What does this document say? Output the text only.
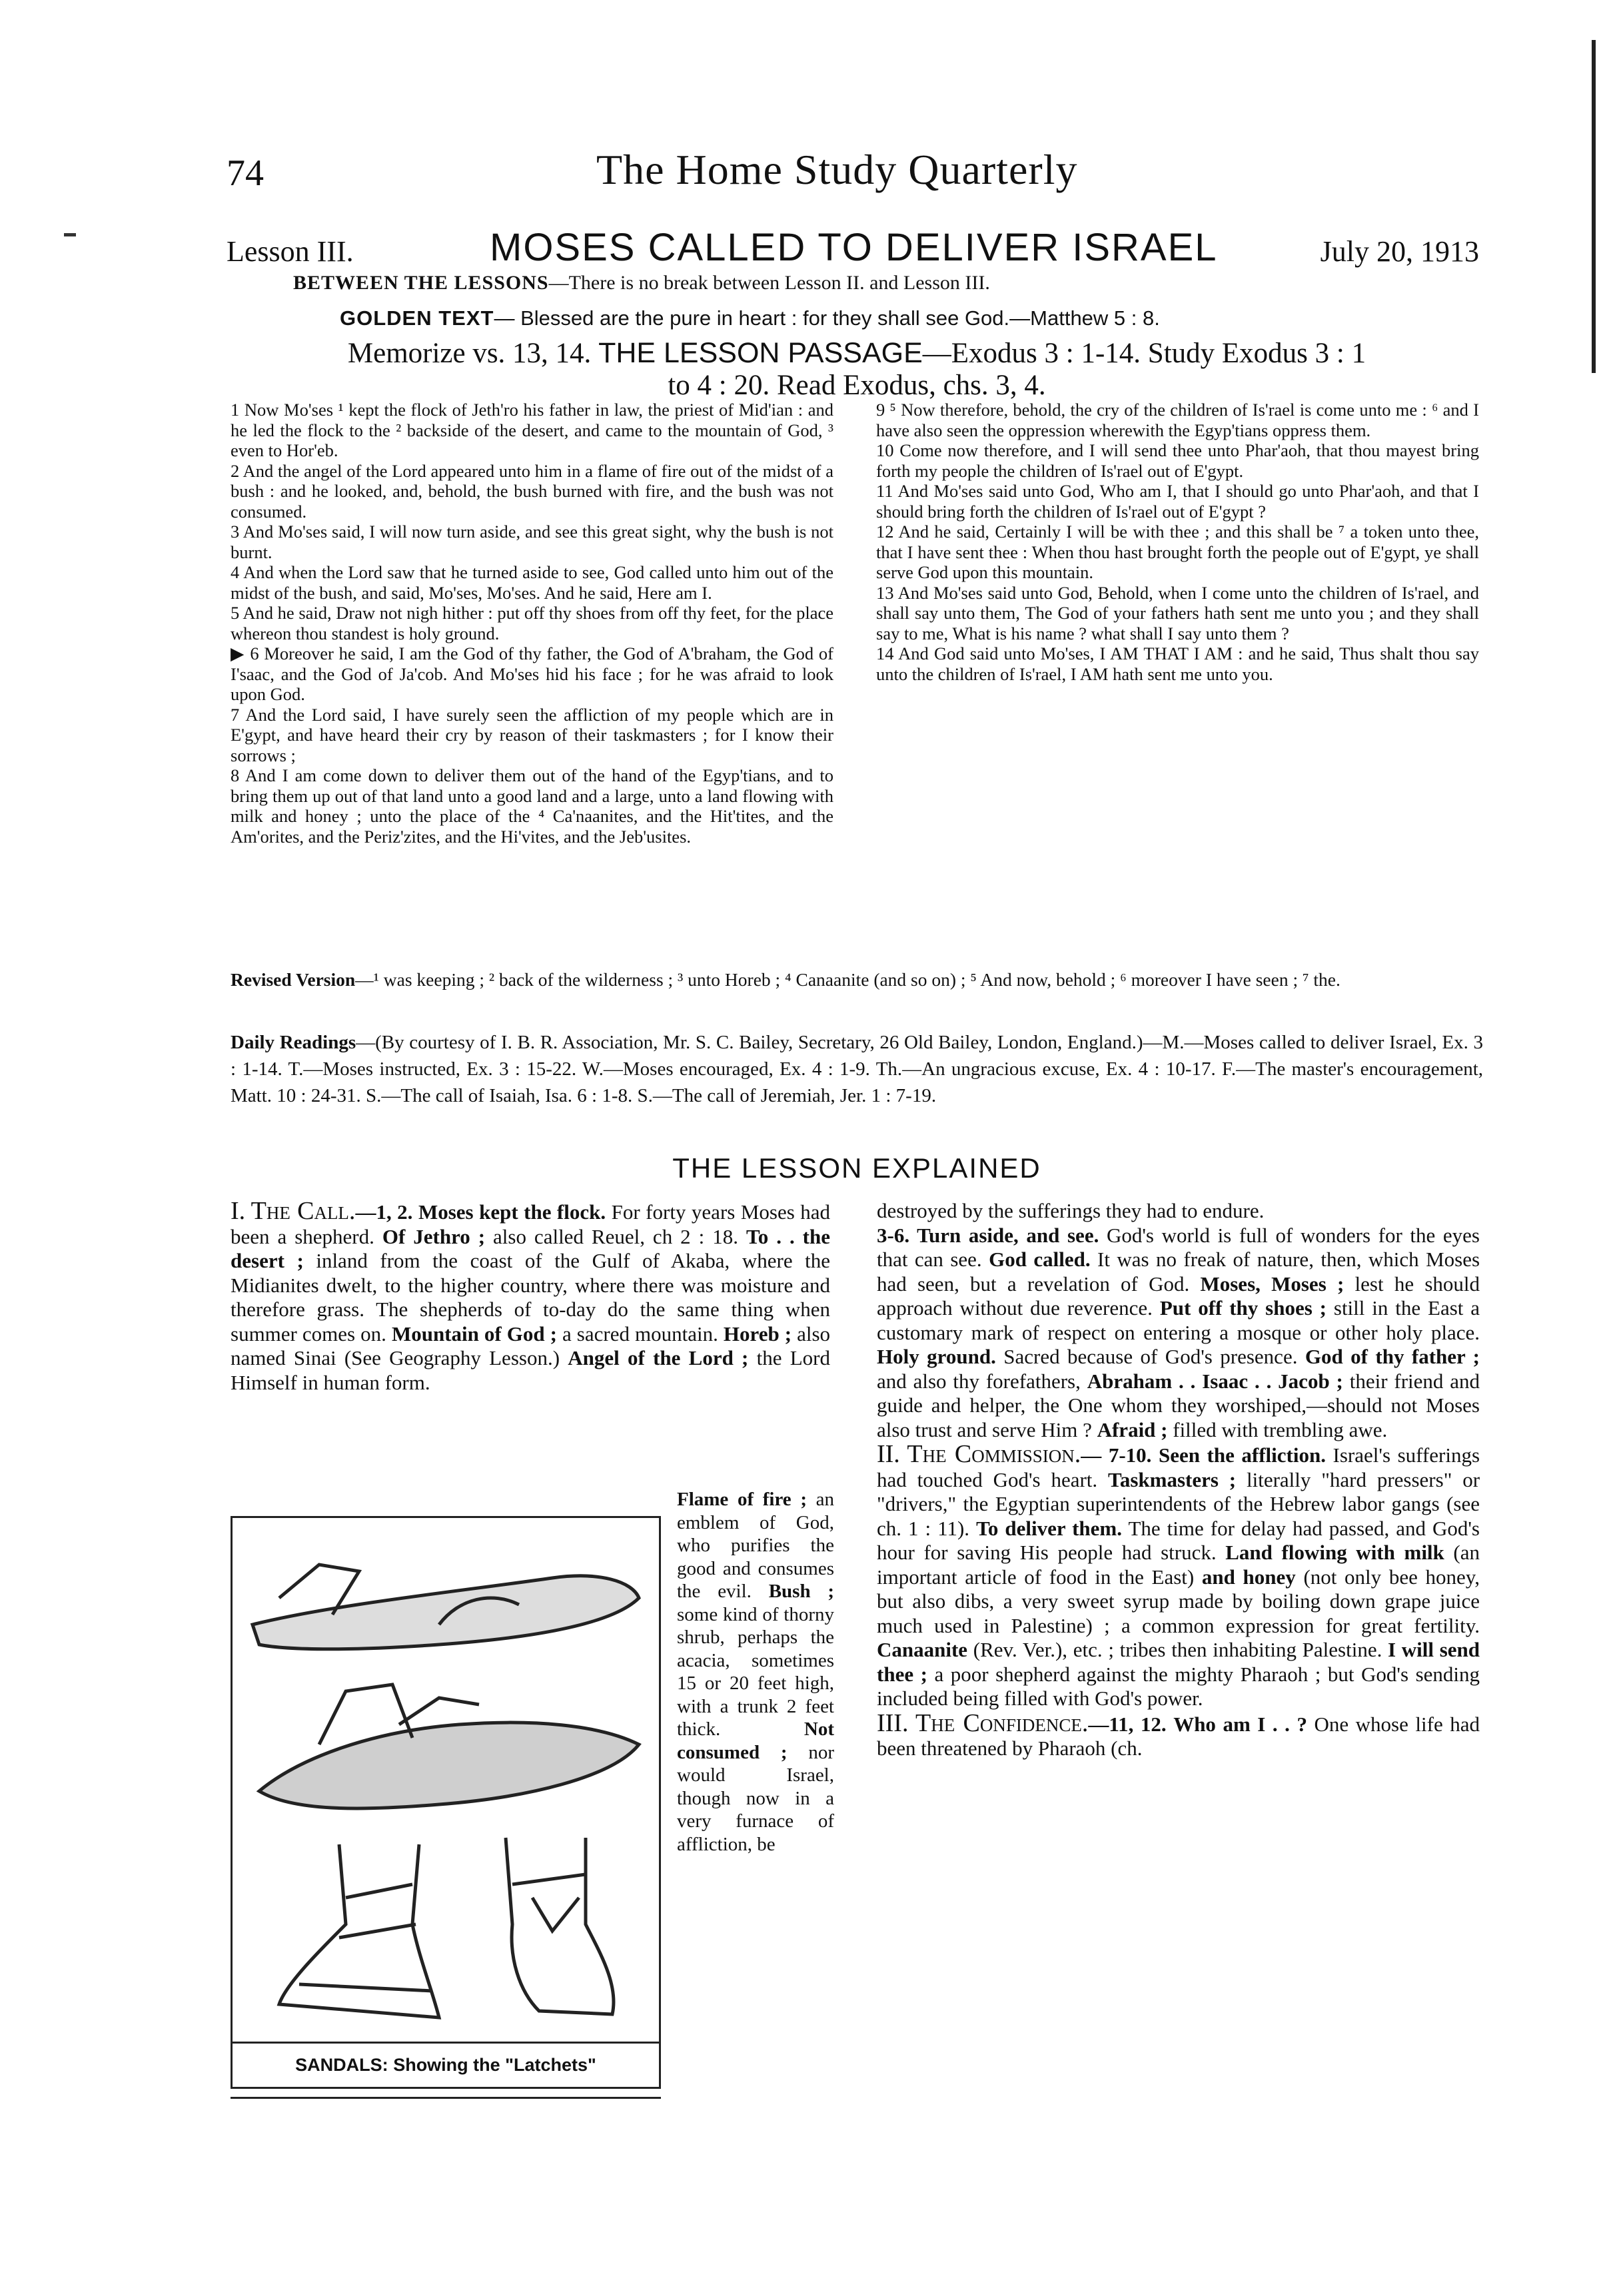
74	The Home Study Quarterly
Lesson III.	MOSES CALLED TO DELIVER ISRAEL	July 20, 1913
BETWEEN THE LESSONS—There is no break between Lesson II. and Lesson III.
GOLDEN TEXT— Blessed are the pure in heart : for they shall see God.—Matthew 5 : 8.
Memorize vs. 13, 14. THE LESSON PASSAGE—Exodus 3 : 1-14. Study Exodus 3 : 1
to 4 : 20. Read Exodus, chs. 3, 4.

1 Now Mo'ses ¹ kept the flock of Jeth'ro his father in law, the priest of Mid'ian : and he led the flock to the ² backside of the desert, and came to the mountain of God, ³ even to Hor'eb.

2 And the angel of the Lord appeared unto him in a flame of fire out of the midst of a bush : and he looked, and, behold, the bush burned with fire, and the bush was not consumed.

3 And Mo'ses said, I will now turn aside, and see this great sight, why the bush is not burnt.

4 And when the Lord saw that he turned aside to see, God called unto him out of the midst of the bush, and said, Mo'ses, Mo'ses. And he said, Here am I.

5 And he said, Draw not nigh hither : put off thy shoes from off thy feet, for the place whereon thou standest is holy ground.

▶ 6 Moreover he said, I am the God of thy father, the God of A'braham, the God of I'saac, and the God of Ja'cob. And Mo'ses hid his face ; for he was afraid to look upon God.

7 And the Lord said, I have surely seen the affliction of my people which are in E'gypt, and have heard their cry by reason of their taskmasters ; for I know their sorrows ;

8 And I am come down to deliver them out of the hand of the Egyp'tians, and to bring them up out of that land unto a good land and a large, unto a land flowing with milk and honey ; unto the place of the ⁴ Ca'naanites, and the Hit'tites, and the Am'orites, and the Periz'zites, and the Hi'vites, and the Jeb'usites.

9 ⁵ Now therefore, behold, the cry of the children of Is'rael is come unto me : ⁶ and I have also seen the oppression wherewith the Egyp'tians oppress them.

10 Come now therefore, and I will send thee unto Phar'aoh, that thou mayest bring forth my people the children of Is'rael out of E'gypt.

11 And Mo'ses said unto God, Who am I, that I should go unto Phar'aoh, and that I should bring forth the children of Is'rael out of E'gypt ?

12 And he said, Certainly I will be with thee ; and this shall be ⁷ a token unto thee, that I have sent thee : When thou hast brought forth the people out of E'gypt, ye shall serve God upon this mountain.

13 And Mo'ses said unto God, Behold, when I come unto the children of Is'rael, and shall say unto them, The God of your fathers hath sent me unto you ; and they shall say to me, What is his name ? what shall I say unto them ?

14 And God said unto Mo'ses, I AM THAT I AM : and he said, Thus shalt thou say unto the children of Is'rael, I AM hath sent me unto you.

Revised Version—¹ was keeping ; ² back of the wilderness ; ³ unto Horeb ; ⁴ Canaanite (and so on) ; ⁵ And now, behold ; ⁶ moreover I have seen ; ⁷ the.
Daily Readings—(By courtesy of I. B. R. Association, Mr. S. C. Bailey, Secretary, 26 Old Bailey, London, England.)—M.—Moses called to deliver Israel, Ex. 3 : 1-14. T.—Moses instructed, Ex. 3 : 15-22. W.—Moses encouraged, Ex. 4 : 1-9. Th.—An ungracious excuse, Ex. 4 : 10-17. F.—The master's encouragement, Matt. 10 : 24-31. S.—The call of Isaiah, Isa. 6 : 1-8. S.—The call of Jeremiah, Jer. 1 : 7-19.
THE LESSON EXPLAINED

I. The Call.—1, 2. Moses kept the flock. For forty years Moses had been a shepherd. Of Jethro ; also called Reuel, ch 2 : 18. To . . the desert ; inland from the coast of the Gulf of Akaba, where the Midianites dwelt, to the higher country, where there was moisture and therefore grass. The shepherds of to-day do the same thing when summer comes on. Mountain of God ; a sacred mountain. Horeb ; also named Sinai (See Geography Lesson.) Angel of the Lord ; the Lord Himself in human form.

Flame of fire ; an emblem of God, who purifies the good and consumes the evil. Bush ; some kind of thorny shrub, perhaps the acacia, sometimes 15 or 20 feet high, with a trunk 2 feet thick.	Not consumed ; nor would Israel, though now in a very furnace of affliction, be

SANDALS: Showing the "Latchets"

destroyed by the sufferings they had to endure.

3-6. Turn aside, and see. God's world is full of wonders for the eyes that can see. God called. It was no freak of nature, then, which Moses had seen, but a revelation of God. Moses, Moses ; lest he should approach without due reverence. Put off thy shoes ; still in the East a customary mark of respect on entering a mosque or other holy place. Holy ground. Sacred because of God's presence. God of thy father ; and also thy forefathers, Abraham . . Isaac . . Jacob ; their friend and guide and helper, the One whom they worshiped,—should not Moses also trust and serve Him ? Afraid ; filled with trembling awe.

II. The Commission.— 7-10. Seen the affliction. Israel's sufferings had touched God's heart. Taskmasters ; literally "hard pressers" or "drivers," the Egyptian superintendents of the Hebrew labor gangs (see ch. 1 : 11). To deliver them. The time for delay had passed, and God's hour for saving His people had struck. Land flowing with milk (an important article of food in the East) and honey (not only bee honey, but also dibs, a very sweet syrup made by boiling down grape juice much used in Palestine) ; a common expression for great fertility. Canaanite (Rev. Ver.), etc. ; tribes then inhabiting Palestine. I will send thee ; a poor shepherd against the mighty Pharaoh ; but God's sending included being filled with God's power.

III. The Confidence.—11, 12. Who am I . . ? One whose life had been threatened by Pharaoh (ch.
